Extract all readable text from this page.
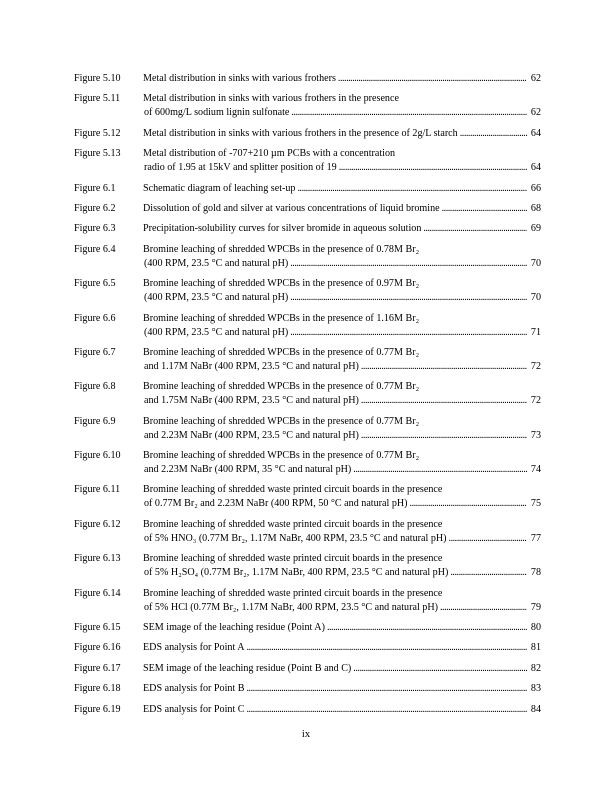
Figure 5.10 Metal distribution in sinks with various frothers . . .	62
Figure 5.11 Metal distribution in sinks with various frothers in the presence
of 600mg/L sodium lignin sulfonate . . .	62
Figure 5.12 Metal distribution in sinks with various frothers in the presence of 2g/L starch . . .	64
Figure 5.13 Metal distribution of -707+210 µm PCBs with a concentration
radio of 1.95 at 15kV and splitter position of 19 . . .	64
Figure 6.1	Schematic diagram of leaching set-up . . .	66
Figure 6.2	Dissolution of gold and silver at various concentrations of liquid bromine . . .	68
Figure 6.3	Precipitation-solubility curves for silver bromide in aqueous solution . . .	69
Figure 6.4	Bromine leaching of shredded WPCBs in the presence of 0.78M Br₂
(400 RPM, 23.5 °C and natural pH) . . .	70
Figure 6.5	Bromine leaching of shredded WPCBs in the presence of 0.97M Br₂
(400 RPM, 23.5 °C and natural pH) . . .	70
Figure 6.6	Bromine leaching of shredded WPCBs in the presence of 1.16M Br₂
(400 RPM, 23.5 °C and natural pH) . . .	71
Figure 6.7	Bromine leaching of shredded WPCBs in the presence of 0.77M Br₂
and 1.17M NaBr (400 RPM, 23.5 °C and natural pH) . . .	72
Figure 6.8	Bromine leaching of shredded WPCBs in the presence of 0.77M Br₂
and 1.75M NaBr (400 RPM, 23.5 °C and natural pH) . . .	72
Figure 6.9	Bromine leaching of shredded WPCBs in the presence of 0.77M Br₂
and 2.23M NaBr (400 RPM, 23.5 °C and natural pH) . . .	73
Figure 6.10 Bromine leaching of shredded WPCBs in the presence of 0.77M Br₂
and 2.23M NaBr (400 RPM, 35 °C and natural pH) . . .	74
Figure 6.11 Bromine leaching of shredded waste printed circuit boards in the presence
of 0.77M Br₂ and 2.23M NaBr (400 RPM, 50 °C and natural pH) . . .	75
Figure 6.12 Bromine leaching of shredded waste printed circuit boards in the presence
of 5% HNO₃ (0.77M Br₂, 1.17M NaBr, 400 RPM, 23.5 °C and natural pH) . . .	77
Figure 6.13 Bromine leaching of shredded waste printed circuit boards in the presence
of 5% H₂SO₄ (0.77M Br₂, 1.17M NaBr, 400 RPM, 23.5 °C and natural pH) . . .	78
Figure 6.14 Bromine leaching of shredded waste printed circuit boards in the presence
of 5% HCl (0.77M Br₂, 1.17M NaBr, 400 RPM, 23.5 °C and natural pH) . . .	79
Figure 6.15 SEM image of the leaching residue (Point A) . . .	80
Figure 6.16 EDS analysis for Point A . . .	81
Figure 6.17 SEM image of the leaching residue (Point B and C) . . .	82
Figure 6.18 EDS analysis for Point B . . .	83
Figure 6.19 EDS analysis for Point C . . .	84
ix
